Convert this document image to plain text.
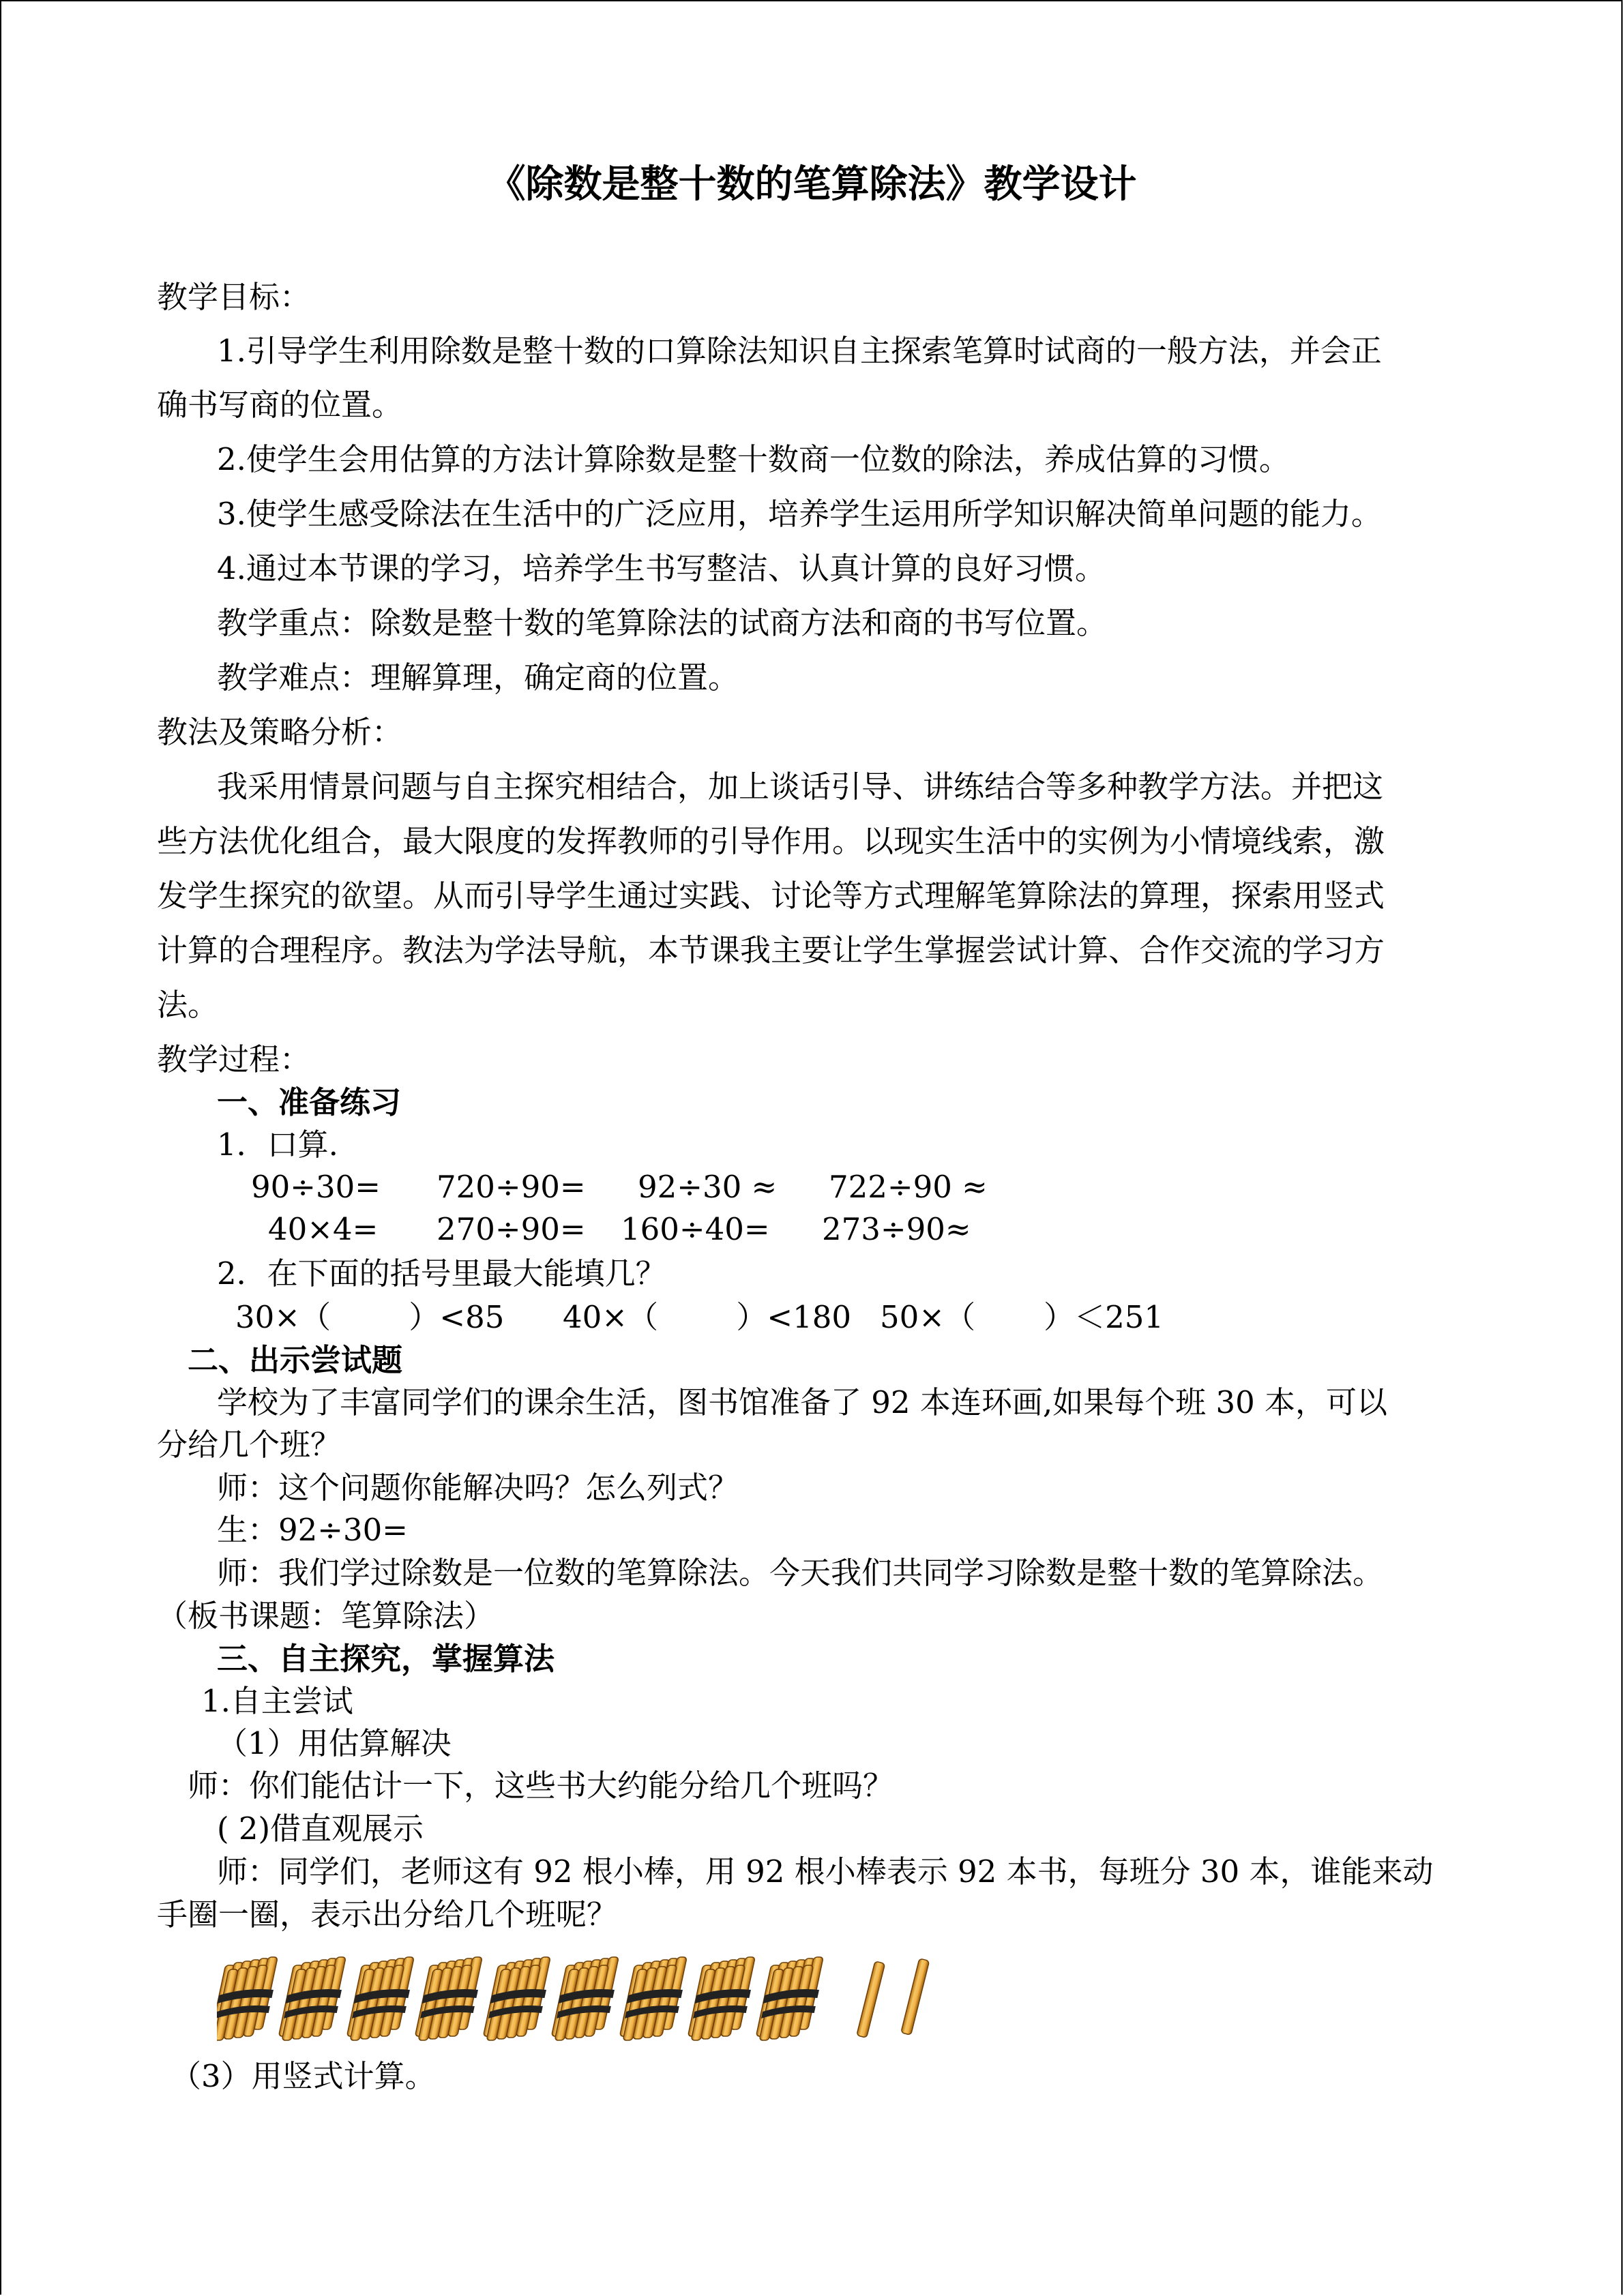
《除数是整十数的笔算除法》教学设计
教学目标：
1.引导学生利用除数是整十数的口算除法知识自主探索笔算时试商的一般方法，并会正
确书写商的位置。
2.使学生会用估算的方法计算除数是整十数商一位数的除法，养成估算的习惯。
3.使学生感受除法在生活中的广泛应用，培养学生运用所学知识解决简单问题的能力。
4.通过本节课的学习，培养学生书写整洁、认真计算的良好习惯。
教学重点：除数是整十数的笔算除法的试商方法和商的书写位置。
教学难点：理解算理，确定商的位置。
教法及策略分析：
我采用情景问题与自主探究相结合，加上谈话引导、讲练结合等多种教学方法。并把这
些方法优化组合，最大限度的发挥教师的引导作用。以现实生活中的实例为小情境线索，激
发学生探究的欲望。从而引导学生通过实践、讨论等方式理解笔算除法的算理，探索用竖式
计算的合理程序。教法为学法导航，本节课我主要让学生掌握尝试计算、合作交流的学习方
法。
教学过程：
一、准备练习
1．口算.
90÷30= 720÷90= 92÷30 ≈ 722÷90 ≈
40×4= 270÷90= 160÷40= 273÷90≈
2．在下面的括号里最大能填几？
30×（        ）<85 40×（        ）<180 50×（       ）＜251
二、出示尝试题
学校为了丰富同学们的课余生活，图书馆准备了 92 本连环画,如果每个班 30 本，可以
分给几个班？
师：这个问题你能解决吗？怎么列式？
生：92÷30=
师：我们学过除数是一位数的笔算除法。今天我们共同学习除数是整十数的笔算除法。
（板书课题：笔算除法）
三、自主探究，掌握算法
1.自主尝试
（1）用估算解决
师：你们能估计一下，这些书大约能分给几个班吗？
( 2)借直观展示
师：同学们，老师这有 92 根小棒，用 92 根小棒表示 92 本书，每班分 30 本，谁能来动
手圈一圈，表示出分给几个班呢？
（3）用竖式计算。
